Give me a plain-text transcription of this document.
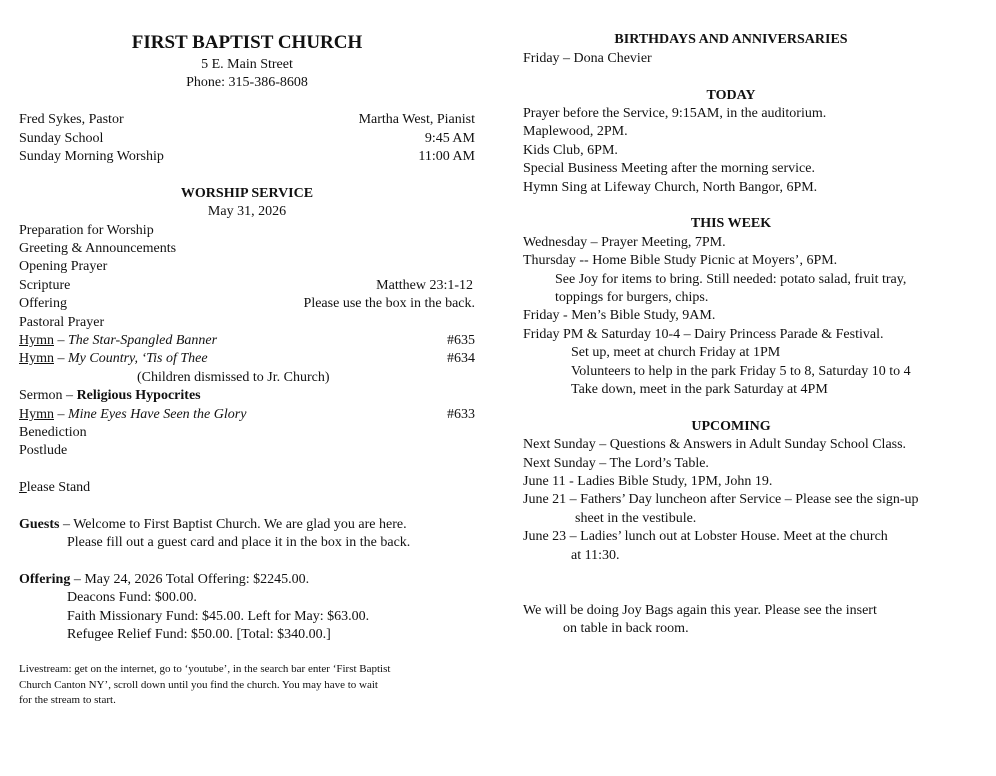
FIRST BAPTIST CHURCH
5 E. Main Street
Phone: 315-386-8608
Fred Sykes, Pastor	Martha West, Pianist
Sunday School	9:45 AM
Sunday Morning Worship	11:00 AM
WORSHIP SERVICE
May 31, 2026
Preparation for Worship
Greeting & Announcements
Opening Prayer
Scripture	Matthew 23:1-12
Offering	Please use the box in the back.
Pastoral Prayer
Hymn – The Star-Spangled Banner	#635
Hymn – My Country, ‘Tis of Thee	#634
(Children dismissed to Jr. Church)
Sermon – Religious Hypocrites
Hymn – Mine Eyes Have Seen the Glory	#633
Benediction
Postlude
Please Stand
Guests – Welcome to First Baptist Church. We are glad you are here.
Please fill out a guest card and place it in the box in the back.
Offering – May 24, 2026 Total Offering: $2245.00.
Deacons Fund: $00.00.
Faith Missionary Fund: $45.00. Left for May: $63.00.
Refugee Relief Fund: $50.00. [Total: $340.00.]
Livestream: get on the internet, go to ‘youtube’, in the search bar enter ‘First Baptist
Church Canton NY’, scroll down until you find the church. You may have to wait
for the stream to start.
BIRTHDAYS AND ANNIVERSARIES
Friday – Dona Chevier
TODAY
Prayer before the Service, 9:15AM, in the auditorium.
Maplewood, 2PM.
Kids Club, 6PM.
Special Business Meeting after the morning service.
Hymn Sing at Lifeway Church, North Bangor, 6PM.
THIS WEEK
Wednesday – Prayer Meeting, 7PM.
Thursday -- Home Bible Study Picnic at Moyers’, 6PM.
See Joy for items to bring. Still needed: potato salad, fruit tray,
toppings for burgers, chips.
Friday - Men’s Bible Study, 9AM.
Friday PM & Saturday 10-4 – Dairy Princess Parade & Festival.
Set up, meet at church Friday at 1PM
Volunteers to help in the park Friday 5 to 8, Saturday 10 to 4
Take down, meet in the park Saturday at 4PM
UPCOMING
Next Sunday – Questions & Answers in Adult Sunday School Class.
Next Sunday – The Lord’s Table.
June 11 - Ladies Bible Study, 1PM, John 19.
June 21 – Fathers’ Day luncheon after Service – Please see the sign-up
sheet in the vestibule.
June 23 – Ladies’ lunch out at Lobster House. Meet at the church
at 11:30.
We will be doing Joy Bags again this year. Please see the insert
on table in back room.
